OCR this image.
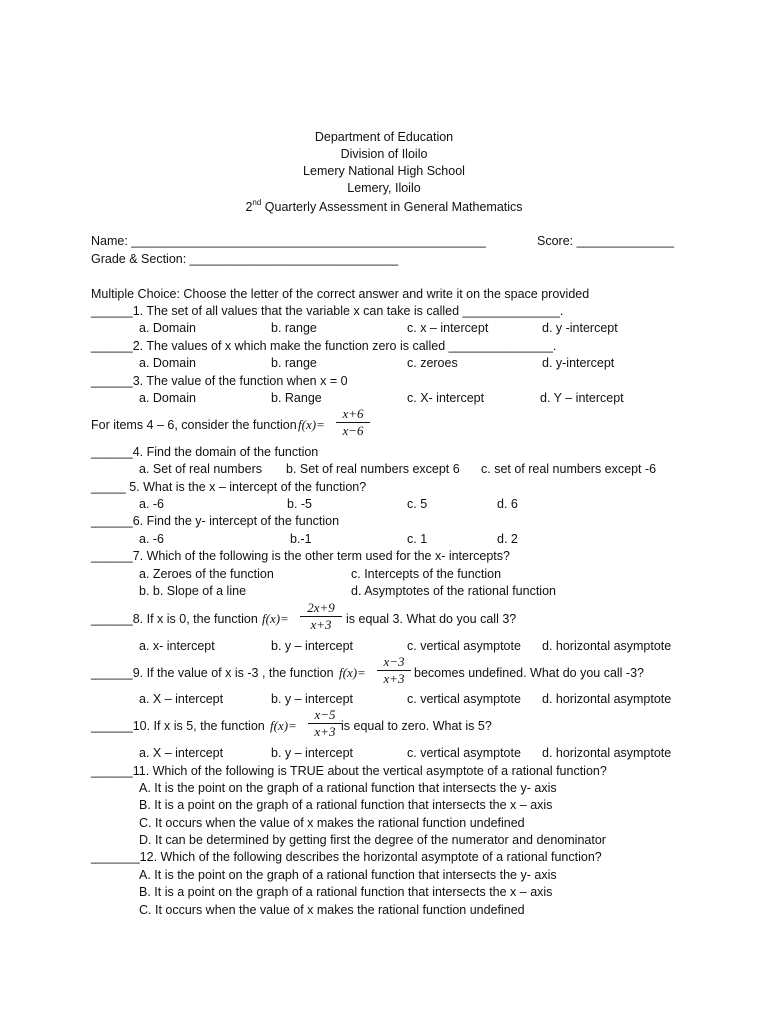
Department of Education
Division of Iloilo
Lemery National High School
Lemery, Iloilo
2nd Quarterly Assessment in General Mathematics
Name: ___________________________________________________	Score: ______________
Grade & Section: ______________________________
Multiple Choice: Choose the letter of the correct answer and write it on the space provided
______1. The set of all values that the variable x can take is called ______________.
a. Domain	b. range	c. x – intercept	d. y -intercept
______2. The values of x which make the function zero is called _______________.
a. Domain	b. range	c. zeroes	d. y-intercept
______3. The value of the function when x = 0
a. Domain	b. Range	c. X- intercept	d. Y – intercept
For items 4 – 6, consider the function $f(x)= \frac{x+6}{x-6}$
______4. Find the domain of the function
a. Set of real numbers b. Set of real numbers except 6 c. set of real numbers except -6
_____ 5. What is the x – intercept of the function?
a. -6	b. -5	c. 5	d. 6
______6. Find the y- intercept of the function
a. -6	b.-1	c. 1	d. 2
______7. Which of the following is the other term used for the x- intercepts?
a. Zeroes of the function	c. Intercepts of the function
b. b. Slope of a line	d. Asymptotes of the rational function
______8. If x is 0, the function $f(x)= \frac{2x+9}{x+3}$ is equal 3. What do you call 3?
a. x- intercept	b. y – intercept	c. vertical asymptote d. horizontal asymptote
______9. If the value of x is -3 , the function $f(x)= \frac{x-3}{x+3}$ becomes undefined. What do you call -3?
a. X – intercept	b. y – intercept	c. vertical asymptote d. horizontal asymptote
______10. If x is 5, the function $f(x)= \frac{x-5}{x+3}$ is equal to zero. What is 5?
a. X – intercept	b. y – intercept	c. vertical asymptote d. horizontal asymptote
______11. Which of the following is TRUE about the vertical asymptote of a rational function?
A. It is the point on the graph of a rational function that intersects the y- axis
B. It is a point on the graph of a rational function that intersects the x – axis
C. It occurs when the value of x makes the rational function undefined
D. It can be determined by getting first the degree of the numerator and denominator
_______12. Which of the following describes the horizontal asymptote of a rational function?
A. It is the point on the graph of a rational function that intersects the y- axis
B. It is a point on the graph of a rational function that intersects the x – axis
C. It occurs when the value of x makes the rational function undefined
